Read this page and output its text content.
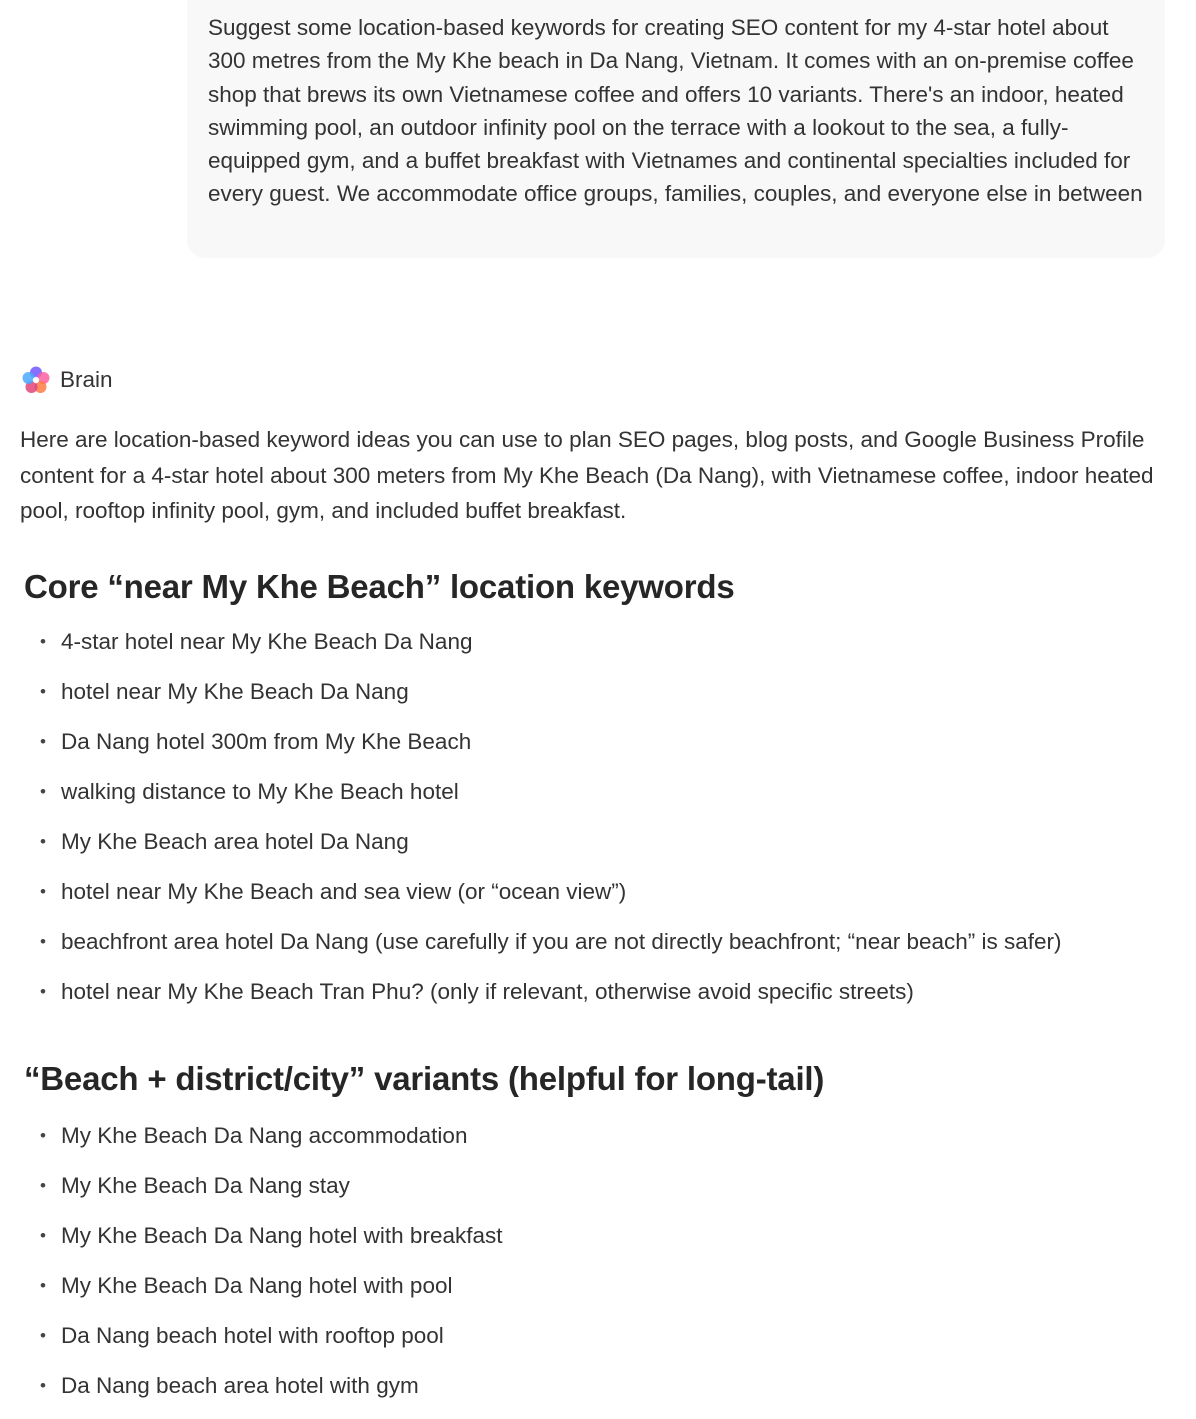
Suggest some location-based keywords for creating SEO content for my 4-star hotel about 300 metres from the My Khe beach in Da Nang, Vietnam. It comes with an on-premise coffee shop that brews its own Vietnamese coffee and offers 10 variants. There's an indoor, heated swimming pool, an outdoor infinity pool on the terrace with a lookout to the sea, a fully-equipped gym, and a buffet breakfast with Vietnames and continental specialties included for every guest. We accommodate office groups, families, couples, and everyone else in between

Brain

Here are location-based keyword ideas you can use to plan SEO pages, blog posts, and Google Business Profile content for a 4-star hotel about 300 meters from My Khe Beach (Da Nang), with Vietnamese coffee, indoor heated pool, rooftop infinity pool, gym, and included buffet breakfast.

Core “near My Khe Beach” location keywords
• 4-star hotel near My Khe Beach Da Nang
• hotel near My Khe Beach Da Nang
• Da Nang hotel 300m from My Khe Beach
• walking distance to My Khe Beach hotel
• My Khe Beach area hotel Da Nang
• hotel near My Khe Beach and sea view (or “ocean view”)
• beachfront area hotel Da Nang (use carefully if you are not directly beachfront; “near beach” is safer)
• hotel near My Khe Beach Tran Phu? (only if relevant, otherwise avoid specific streets)
“Beach + district/city” variants (helpful for long-tail)
• My Khe Beach Da Nang accommodation
• My Khe Beach Da Nang stay
• My Khe Beach Da Nang hotel with breakfast
• My Khe Beach Da Nang hotel with pool
• Da Nang beach hotel with rooftop pool
• Da Nang beach area hotel with gym
